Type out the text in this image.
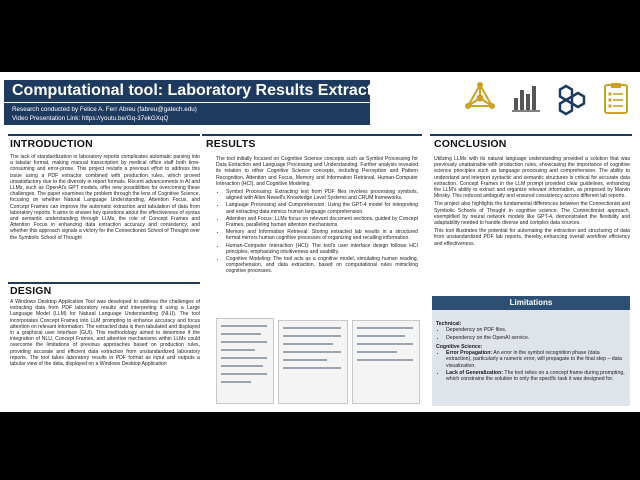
Computational tool: Laboratory Results Extractor
Research conducted by Felice A. Ferr Abreu (fabreu@gatech.edu)
Video Presentation Link: https://youtu.be/Gq-37ekGXqQ
INTRODUCTION
The lack of standardization in laboratory reports complicates automatic parsing into a tabular format, making manual transcription by medical office staff both time-consuming and error-prone. This project revisits a previous effort to address this issue using a PDF extractor combined with production rules, which proved unsatisfactory due to the diversity in report formats. Recent advancements in AI and LLMs, such as OpenAI's GPT models, offer new possibilities for overcoming these challenges. The paper examines the problem through the lens of Cognitive Science, focusing on whether Natural Language Understanding, Attention Focus, and Concept Frames can improve the automatic extraction and tabulation of data from laboratory reports. It aims to answer key questions about the effectiveness of syntax and semantic understanding through LLMs, the role of Concept Frames and Attention Focus in enhancing data extraction accuracy and consistency, and whether this approach signals a victory for the Connectionist School of Thought over the Symbolic School of Thought
DESIGN
A Windows Desktop Application Tool was developed to address the challenges of extracting data from PDF laboratory results and interpreting it using a Large Language Model (LLM) for Natural Language Understanding (NLU). The tool incorporates Concept Frames into LLM prompting to enhance accuracy and focus attention on relevant information. The extracted data is then tabulated and displayed in a graphical user interface (GUI). This methodology aimed to determine if the integration of NLU, Concept Frames, and attention mechanisms within LLMs could overcome the limitations of previous approaches based on production rules, providing accurate and efficient data extraction from unstandardized laboratory reports. The tool takes laboratory results in PDF format as input and outputs a tabular view of the data, displayed on a Windows Desktop Application
RESULTS

The tool initially focused on Cognitive Science concepts such as Symbol Processing for Data Extraction and Language Processing and Understanding. Further analysis revealed its relation to other Cognitive Science concepts, including Perception and Pattern Recognition, Attention and Focus, Memory and Information Retrieval, Human-Computer Interaction (HCI), and Cognitive Modeling.

• Symbol Processing: Extracting text from PDF files involves processing symbols, aligned with Allen Newell's Knowledge Level Systems and CRUM frameworks.
• Language Processing and Comprehension: Using the GPT-4 model for interpreting and extracting data mimics human language comprehension.
• Attention and Focus: LLMs focus on relevant document sections, guided by Concept Frames, paralleling human attention mechanisms.
• Memory and Information Retrieval: Storing extracted lab results in a structured format mirrors human cognitive processes of organizing and recalling information.
• Human-Computer Interaction (HCI): The tool's user interface design follows HCI principles, emphasizing intuitiveness and usability.
• Cognitive Modeling: The tool acts as a cognitive model, simulating human reading, comprehension, and data extraction, based on computational rules mimicking cognitive processes.
CONCLUSION

Utilizing LLMs with its natural language understanding provided a solution that was previously unattainable with production rules, showcasing the importance of cognitive science principles such as language processing and comprehension. The ability to understand and interpret syntactic and semantic structures is critical for accurate data extraction. Concept Frames in the LLM prompt provided clear guidelines, enhancing the LLM's ability to extract and organize relevant information, as proposed by Marvin Minsky. This reduced ambiguity and ensured consistency across different lab reports.

The project also highlights the fundamental differences between the Connectionist and Symbolic Schools of Thought in cognitive science. The Connectionist approach, exemplified by neural network models like GPT-4, demonstrated the flexibility and adaptability needed to handle diverse and complex data sources.

This tool illustrates the potential for automating the extraction and structuring of data from unstandardized PDF lab reports, thereby enhancing overall workflow efficiency and effectiveness.

Limitations
Technical:
• Dependency on PDF files.
• Dependency on the OpenAI service.
Cognitive Science:
• Error Propagation: An error in the symbol recognition phase (data extraction), particularly a numeric error, will propagate to the final step – data visualization.
• Lack of Generalization: The tool relies on a concept frame during prompting, which constrains the solution to only the specific task it was designed for.
